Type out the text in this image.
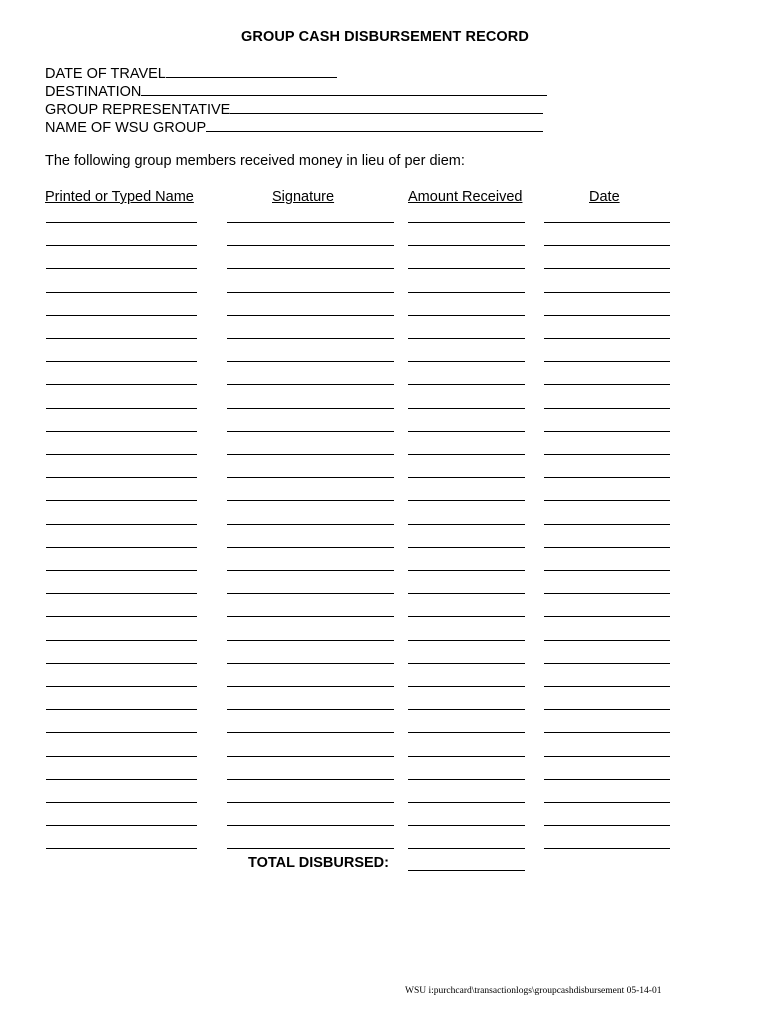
GROUP CASH DISBURSEMENT RECORD
DATE OF TRAVEL
DESTINATION
GROUP REPRESENTATIVE
NAME OF WSU GROUP
The following group members received money in lieu of per diem:
Printed or Typed Name	Signature	Amount Received	Date
TOTAL DISBURSED:
WSU i:purchcard\transactionlogs\groupcashdisbursement 05-14-01
